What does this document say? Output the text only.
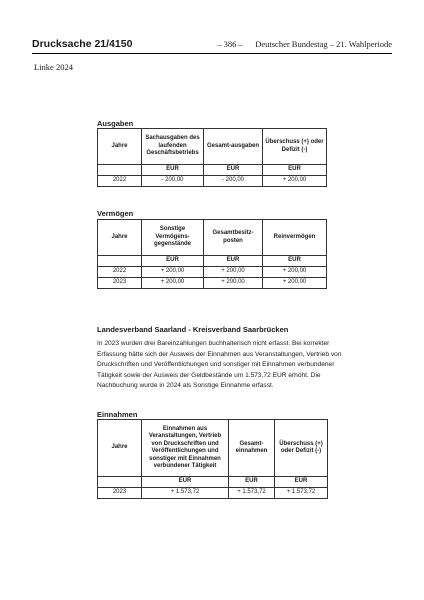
Drucksache 21/4150	– 386 –	Deutscher Bundestag – 21. Wahlperiode
Linke 2024
Ausgaben
Jahre	Sachausgaben des laufenden Geschäftsbetriebs	Gesamt-ausgaben	Überschuss (+) oder Defizit (-)
	EUR	EUR	EUR
2022	- 200,00	- 200,00	+ 200,00
Vermögen
Jahre	Sonstige Vermögens-gegenstände	Gesamtbesitz-posten	Reinvermögen
	EUR	EUR	EUR
2022	+ 200,00	+ 200,00	+ 200,00
2023	+ 200,00	+ 200,00	+ 200,00
Landesverband Saarland - Kreisverband Saarbrücken
In 2023 wurden drei Bareinzahlungen buchhalterisch nicht erfasst. Bei korrekter
Erfassung hätte sich der Ausweis der Einnahmen aus Veranstaltungen, Vertrieb von
Druckschriften und Veröffentlichungen und sonstiger mit Einnahmen verbundener
Tätigkeit sowie der Ausweis der Geldbestände um 1.573,72 EUR erhöht. Die
Nachbuchung wurde in 2024 als Sonstige Einnahme erfasst.
Einnahmen
Jahre	Einnahmen aus Veranstaltungen, Vertrieb von Druckschriften und Veröffentlichungen und sonstiger mit Einnahmen verbundener Tätigkeit	Gesamt-einnahmen	Überschuss (+) oder Defizit (-)
	EUR	EUR	EUR
2023	+ 1.573,72	+ 1.573,72	+ 1.573,72
